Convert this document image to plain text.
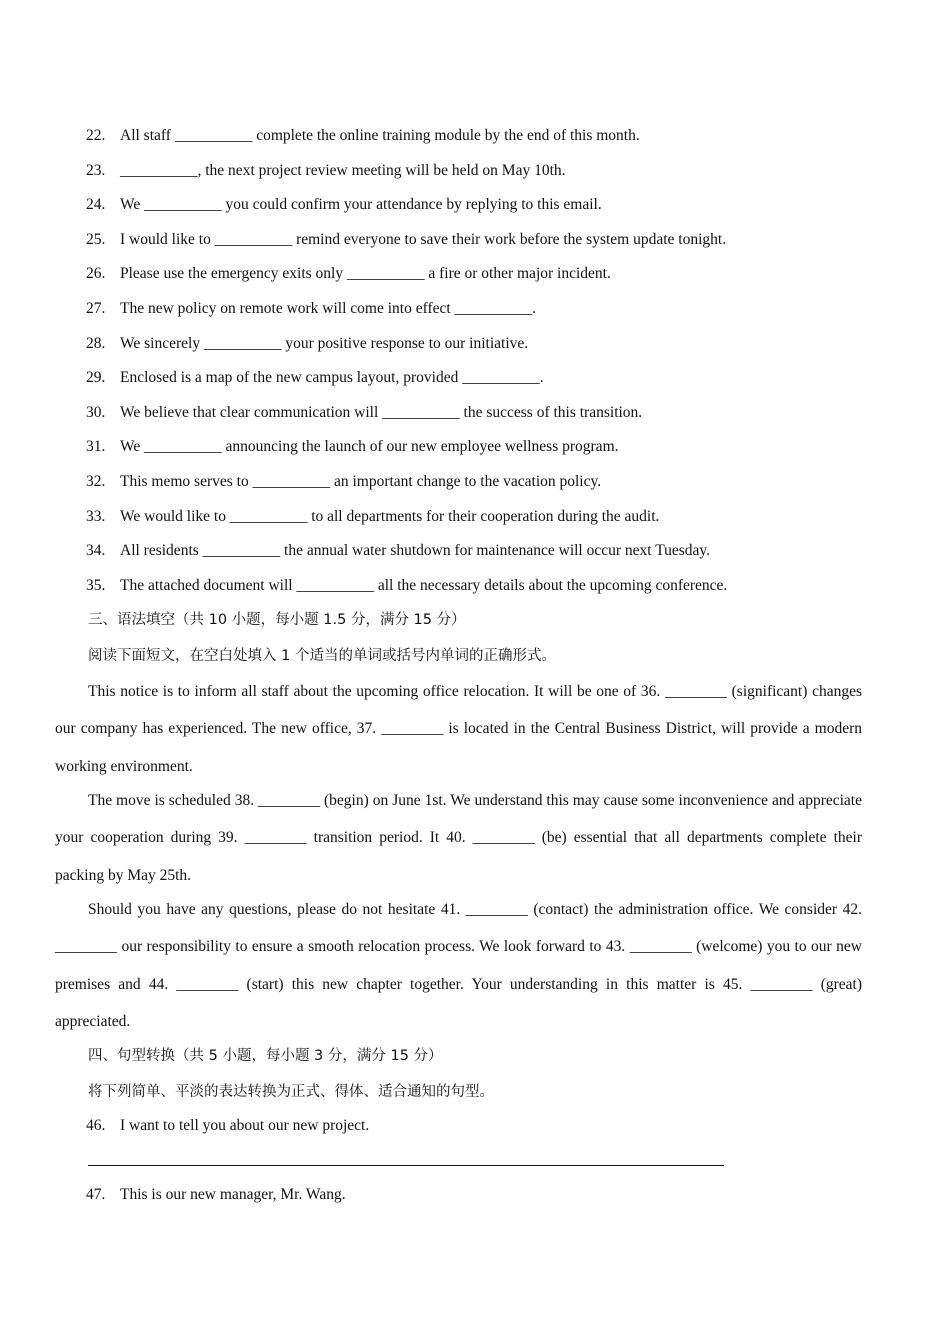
22. All staff __________ complete the online training module by the end of this month.
23. __________, the next project review meeting will be held on May 10th.
24. We __________ you could confirm your attendance by replying to this email.
25. I would like to __________ remind everyone to save their work before the system update tonight.
26. Please use the emergency exits only __________ a fire or other major incident.
27. The new policy on remote work will come into effect __________.
28. We sincerely __________ your positive response to our initiative.
29. Enclosed is a map of the new campus layout, provided __________.
30. We believe that clear communication will __________ the success of this transition.
31. We __________ announcing the launch of our new employee wellness program.
32. This memo serves to __________ an important change to the vacation policy.
33. We would like to __________ to all departments for their cooperation during the audit.
34. All residents __________ the annual water shutdown for maintenance will occur next Tuesday.
35. The attached document will __________ all the necessary details about the upcoming conference.
三、语法填空（共 10 小题，每小题 1.5 分，满分 15 分）
阅读下面短文，在空白处填入 1 个适当的单词或括号内单词的正确形式。

This notice is to inform all staff about the upcoming office relocation. It will be one of 36. ________ (significant) changes our company has experienced. The new office, 37. ________ is located in the Central Business District, will provide a modern working environment.

The move is scheduled 38. ________ (begin) on June 1st. We understand this may cause some inconvenience and appreciate your cooperation during 39. ________ transition period. It 40. ________ (be) essential that all departments complete their packing by May 25th.

Should you have any questions, please do not hesitate 41. ________ (contact) the administration office. We consider 42. ________ our responsibility to ensure a smooth relocation process. We look forward to 43. ________ (welcome) you to our new premises and 44. ________ (start) this new chapter together. Your understanding in this matter is 45. ________ (great) appreciated.

四、句型转换（共 5 小题，每小题 3 分，满分 15 分）
将下列简单、平淡的表达转换为正式、得体、适合通知的句型。
46. I want to tell you about our new project.
47. This is our new manager, Mr. Wang.
